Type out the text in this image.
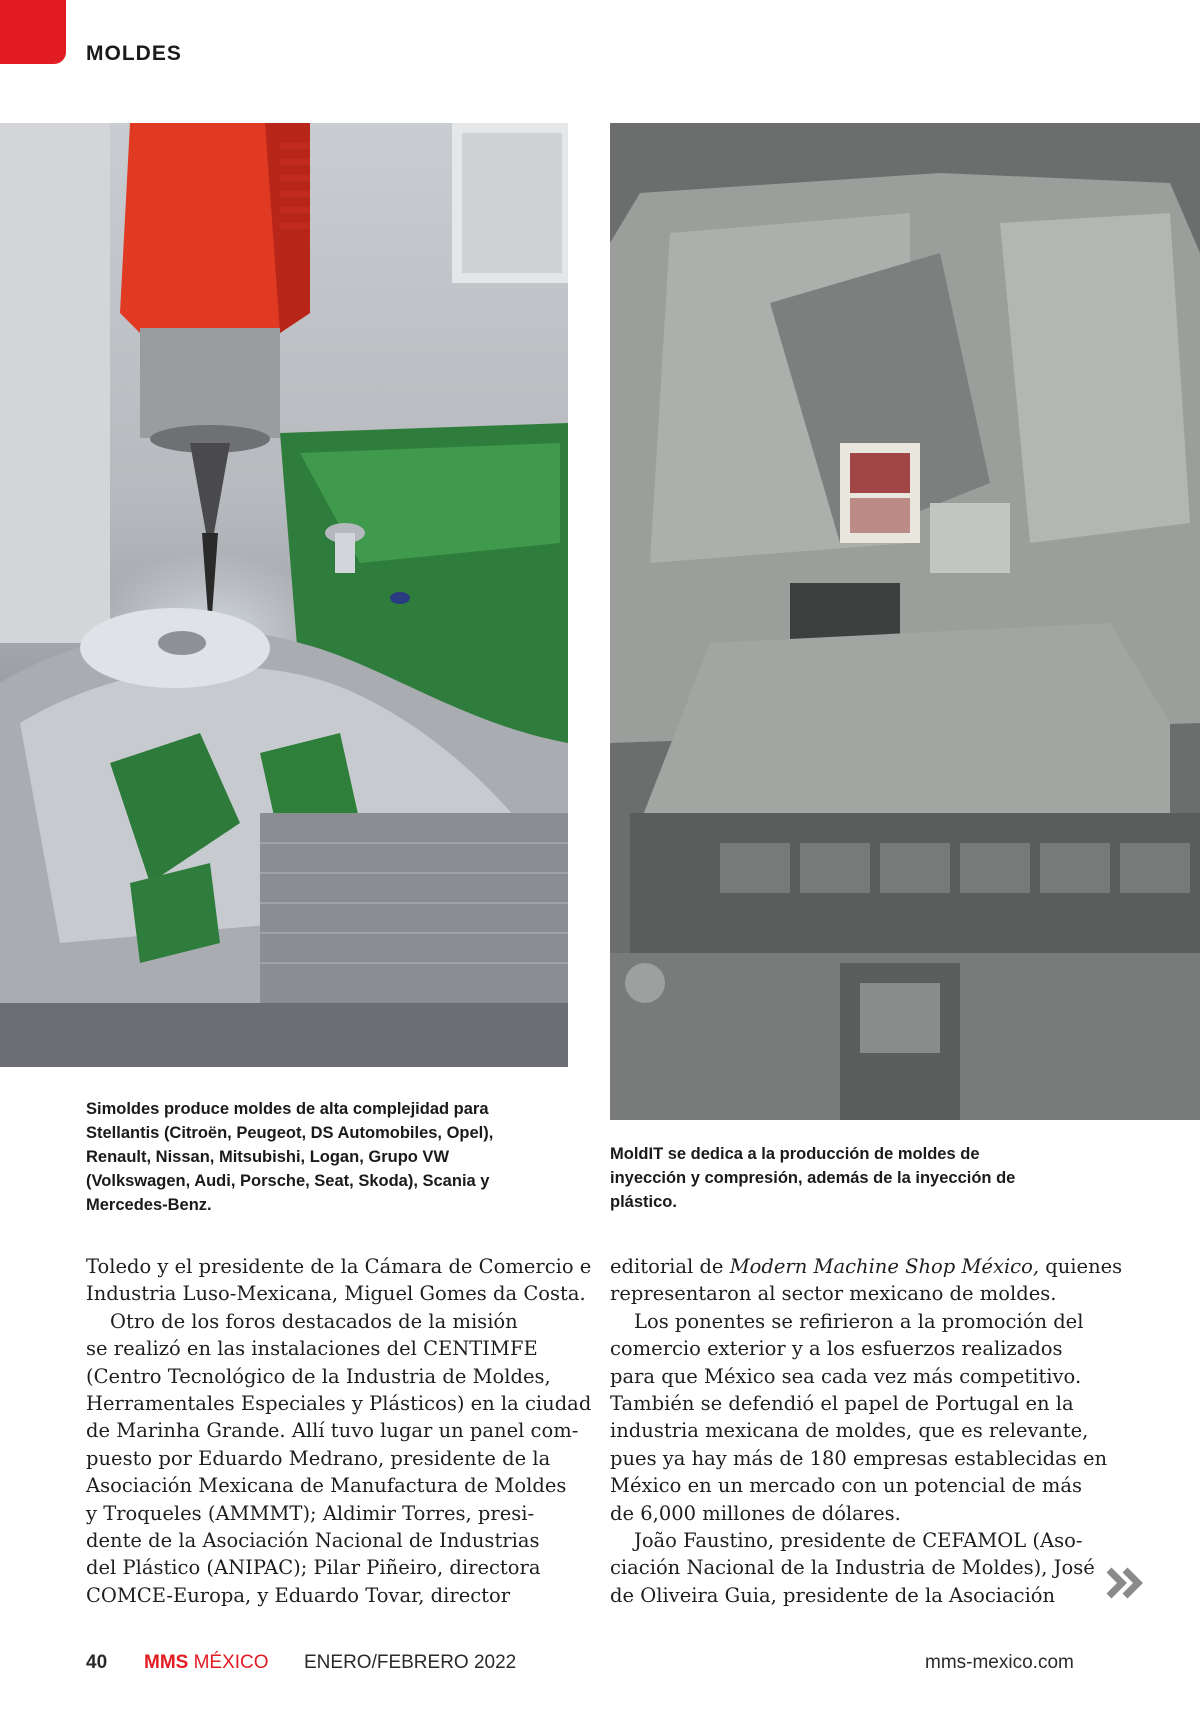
MOLDES
Simoldes produce moldes de alta complejidad para
Stellantis (Citroën, Peugeot, DS Automobiles, Opel),
Renault, Nissan, Mitsubishi, Logan, Grupo VW
(Volkswagen, Audi, Porsche, Seat, Skoda), Scania y
Mercedes-Benz.
MoldIT se dedica a la producción de moldes de
inyección y compresión, además de la inyección de
plástico.
Toledo y el presidente de la Cámara de Comercio e
Industria Luso-Mexicana, Miguel Gomes da Costa.
Otro de los foros destacados de la misión
se realizó en las instalaciones del CENTIMFE
(Centro Tecnológico de la Industria de Moldes,
Herramentales Especiales y Plásticos) en la ciudad
de Marinha Grande. Allí tuvo lugar un panel com-
puesto por Eduardo Medrano, presidente de la
Asociación Mexicana de Manufactura de Moldes
y Troqueles (AMMMT); Aldimir Torres, presi-
dente de la Asociación Nacional de Industrias
del Plástico (ANIPAC); Pilar Piñeiro, directora
COMCE-Europa, y Eduardo Tovar, director
editorial de Modern Machine Shop México, quienes
representaron al sector mexicano de moldes.
Los ponentes se refirieron a la promoción del
comercio exterior y a los esfuerzos realizados
para que México sea cada vez más competitivo.
También se defendió el papel de Portugal en la
industria mexicana de moldes, que es relevante,
pues ya hay más de 180 empresas establecidas en
México en un mercado con un potencial de más
de 6,000 millones de dólares.
João Faustino, presidente de CEFAMOL (Aso-
ciación Nacional de la Industria de Moldes), José
de Oliveira Guia, presidente de la Asociación
40 MMS MÉXICO ENERO/FEBRERO 2022	mms-mexico.com
